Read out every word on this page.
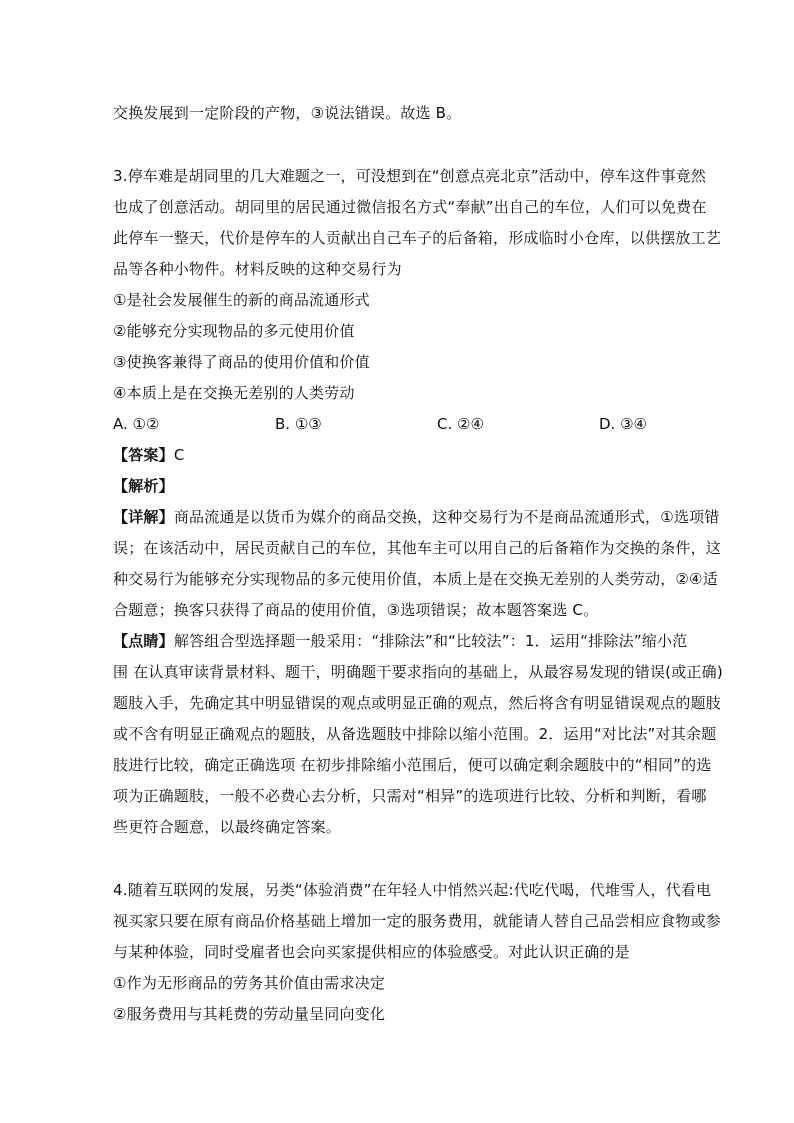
交换发展到一定阶段的产物，③说法错误。故选 B。
3.停车难是胡同里的几大难题之一，可没想到在“创意点亮北京”活动中，停车这件事竟然
也成了创意活动。胡同里的居民通过微信报名方式“奉献”出自己的车位，人们可以免费在
此停车一整天，代价是停车的人贡献出自己车子的后备箱，形成临时小仓库，以供摆放工艺
品等各种小物件。材料反映的这种交易行为
①是社会发展催生的新的商品流通形式
②能够充分实现物品的多元使用价值
③使换客兼得了商品的使用价值和价值
④本质上是在交换无差别的人类劳动
A. ①②	B. ①③	C. ②④	D. ③④
【答案】C
【解析】
【详解】商品流通是以货币为媒介的商品交换，这种交易行为不是商品流通形式，①选项错
误；在该活动中，居民贡献自己的车位，其他车主可以用自己的后备箱作为交换的条件，这
种交易行为能够充分实现物品的多元使用价值，本质上是在交换无差别的人类劳动，②④适
合题意；换客只获得了商品的使用价值，③选项错误；故本题答案选 C。
【点睛】解答组合型选择题一般采用：“排除法”和“比较法”：1．运用“排除法”缩小范
围 在认真审读背景材料、题干，明确题干要求指向的基础上，从最容易发现的错误(或正确)
题肢入手，先确定其中明显错误的观点或明显正确的观点，然后将含有明显错误观点的题肢
或不含有明显正确观点的题肢，从备选题肢中排除以缩小范围。2．运用“对比法”对其余题
肢进行比较，确定正确选项 在初步排除缩小范围后，便可以确定剩余题肢中的“相同”的选
项为正确题肢，一般不必费心去分析，只需对“相异”的选项进行比较、分析和判断，看哪
些更符合题意，以最终确定答案。
4.随着互联网的发展，另类“体验消费”在年轻人中悄然兴起:代吃代喝，代堆雪人，代看电
视买家只要在原有商品价格基础上增加一定的服务费用，就能请人替自己品尝相应食物或参
与某种体验，同时受雇者也会向买家提供相应的体验感受。对此认识正确的是
①作为无形商品的劳务其价值由需求决定
②服务费用与其耗费的劳动量呈同向变化
